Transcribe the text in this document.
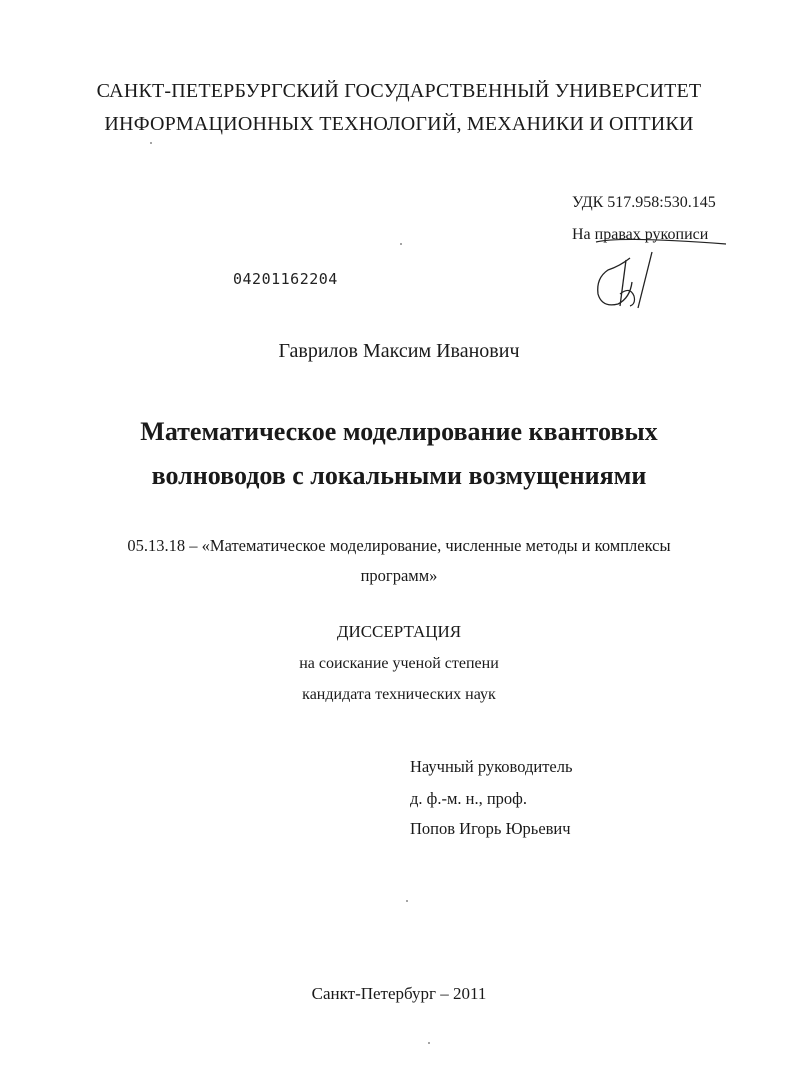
САНКТ-ПЕТЕРБУРГСКИЙ ГОСУДАРСТВЕННЫЙ УНИВЕРСИТЕТ
ИНФОРМАЦИОННЫХ ТЕХНОЛОГИЙ, МЕХАНИКИ И ОПТИКИ
УДК 517.958:530.145
На правах рукописи
04201162204
Гаврилов Максим Иванович
Математическое моделирование квантовых
волноводов с локальными возмущениями
05.13.18 – «Математическое моделирование, численные методы и комплексы
программ»
ДИССЕРТАЦИЯ
на соискание ученой степени
кандидата технических наук
Научный руководитель
д. ф.-м. н., проф.
Попов Игорь Юрьевич
Санкт-Петербург – 2011
